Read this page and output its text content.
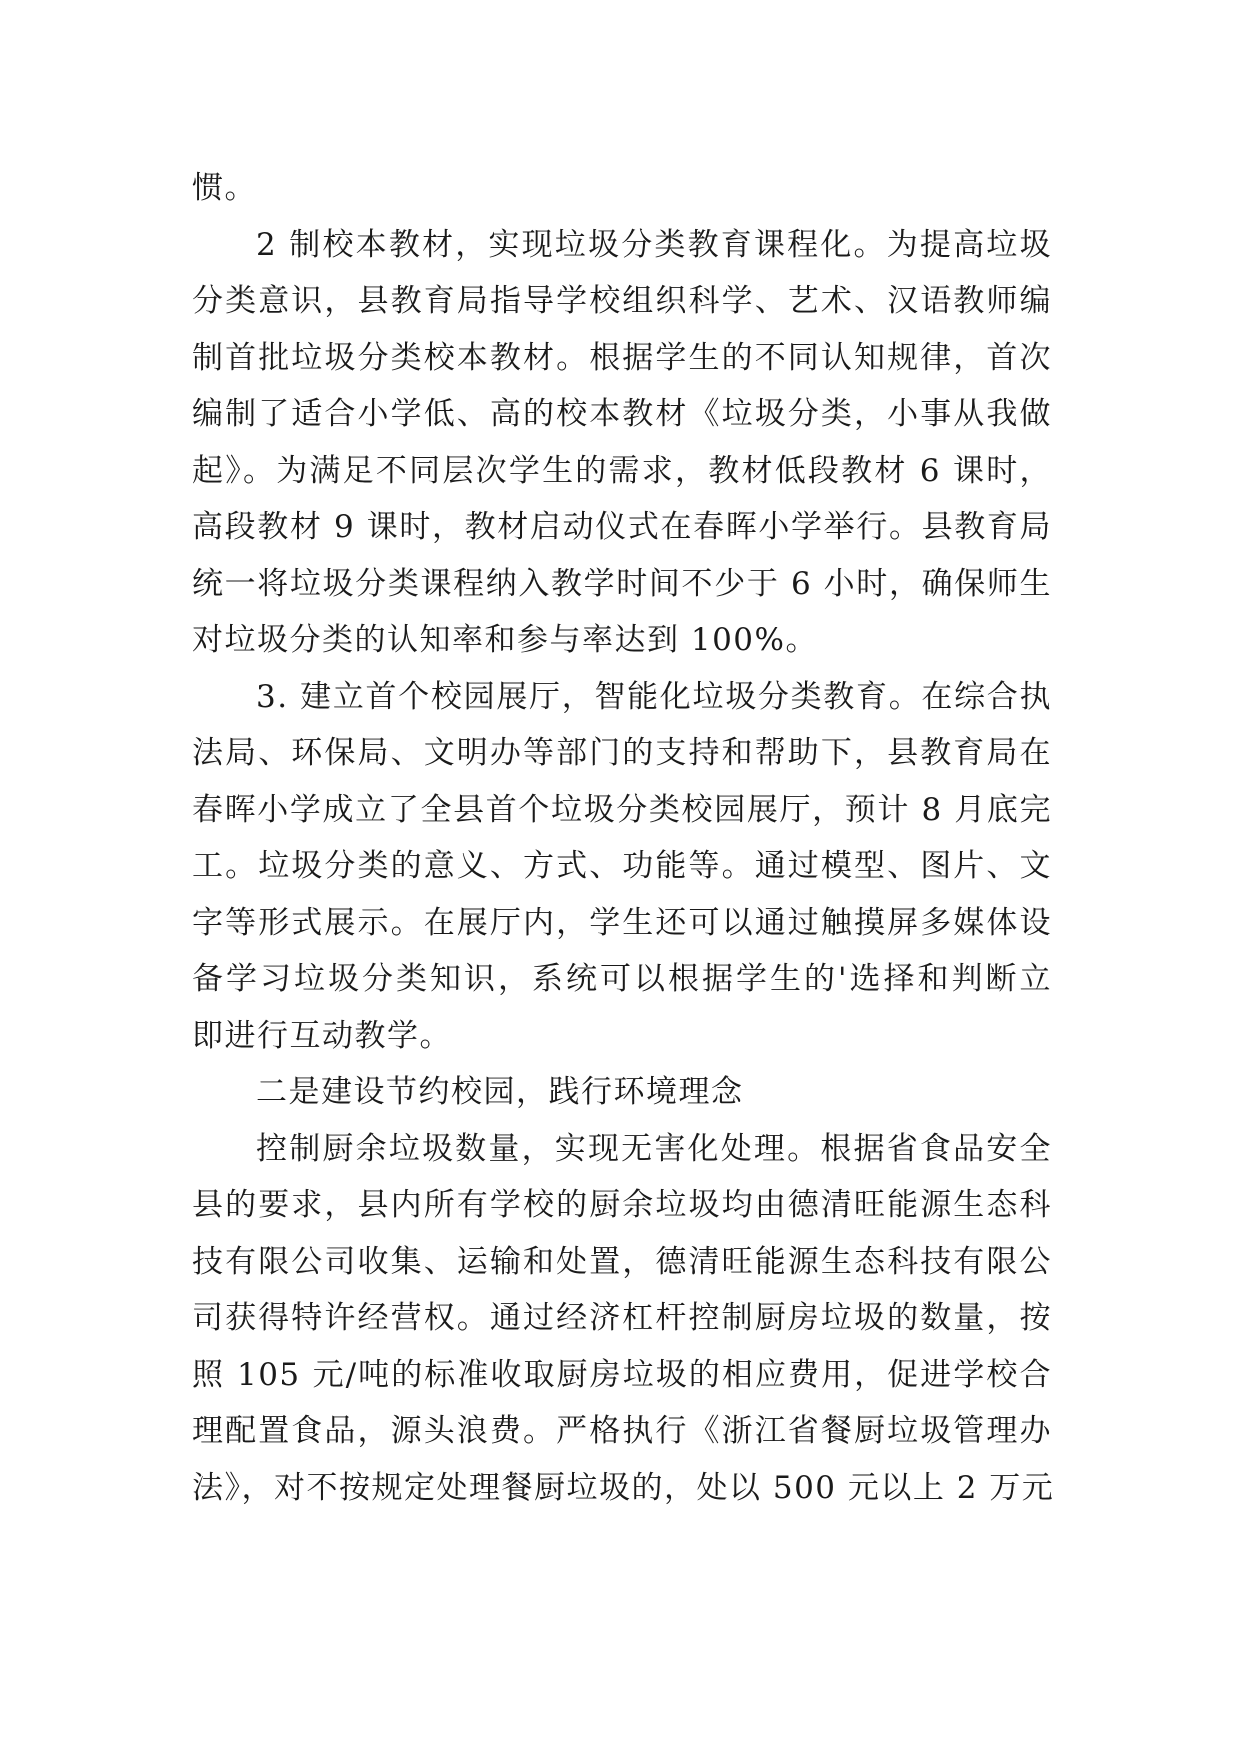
惯。
2 制校本教材，实现垃圾分类教育课程化。为提高垃圾
分类意识，县教育局指导学校组织科学、艺术、汉语教师编
制首批垃圾分类校本教材。根据学生的不同认知规律，首次
编制了适合小学低、高的校本教材《垃圾分类，小事从我做
起》。为满足不同层次学生的需求，教材低段教材 6 课时，
高段教材 9 课时，教材启动仪式在春晖小学举行。县教育局
统一将垃圾分类课程纳入教学时间不少于 6 小时，确保师生
对垃圾分类的认知率和参与率达到 100%。
3. 建立首个校园展厅，智能化垃圾分类教育。在综合执
法局、环保局、文明办等部门的支持和帮助下，县教育局在
春晖小学成立了全县首个垃圾分类校园展厅，预计 8 月底完
工。垃圾分类的意义、方式、功能等。通过模型、图片、文
字等形式展示。在展厅内，学生还可以通过触摸屏多媒体设
备学习垃圾分类知识，系统可以根据学生的'选择和判断立
即进行互动教学。
二是建设节约校园，践行环境理念
控制厨余垃圾数量，实现无害化处理。根据省食品安全
县的要求，县内所有学校的厨余垃圾均由德清旺能源生态科
技有限公司收集、运输和处置，德清旺能源生态科技有限公
司获得特许经营权。通过经济杠杆控制厨房垃圾的数量，按
照 105 元/吨的标准收取厨房垃圾的相应费用，促进学校合
理配置食品，源头浪费。严格执行《浙江省餐厨垃圾管理办
法》，对不按规定处理餐厨垃圾的，处以 500 元以上 2 万元
